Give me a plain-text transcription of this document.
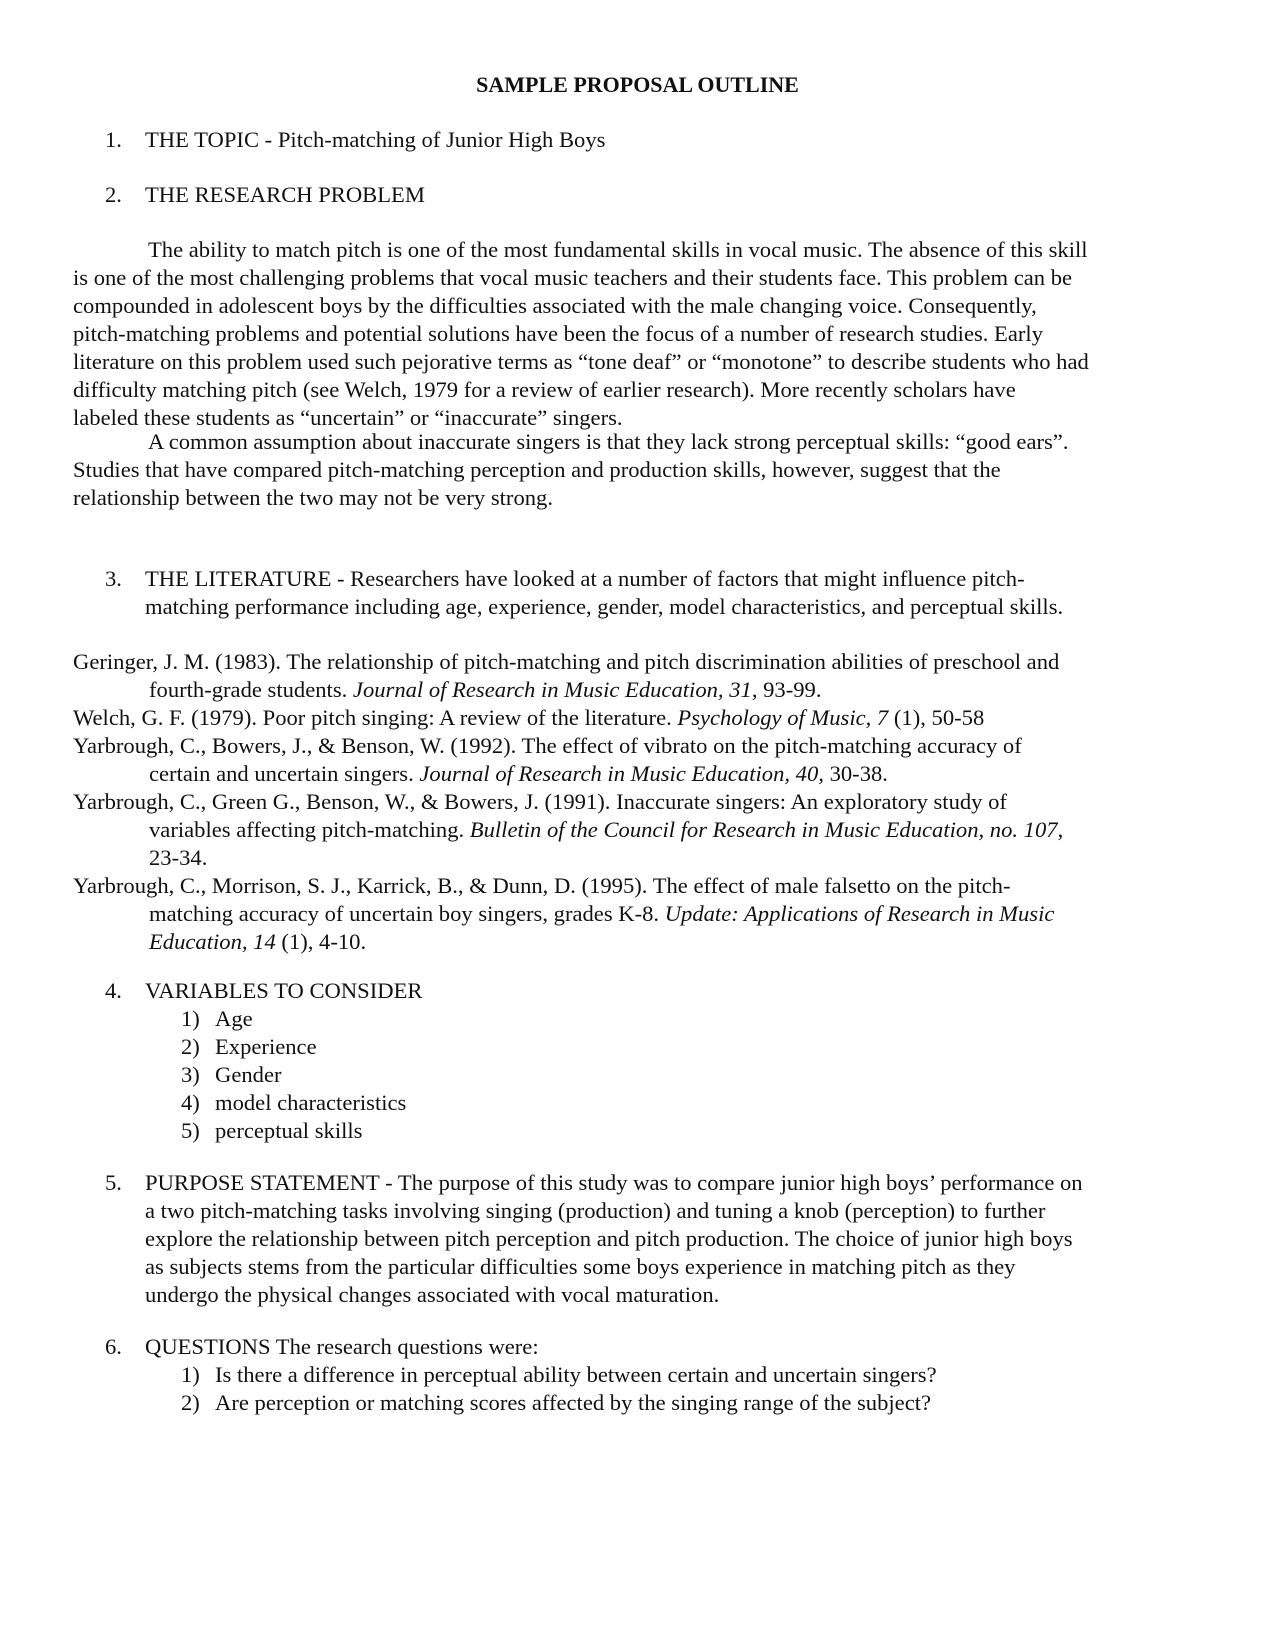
SAMPLE PROPOSAL OUTLINE
1. THE TOPIC - Pitch-matching of Junior High Boys
2. THE RESEARCH PROBLEM
The ability to match pitch is one of the most fundamental skills in vocal music. The absence of this skill
is one of the most challenging problems that vocal music teachers and their students face. This problem can be
compounded in adolescent boys by the difficulties associated with the male changing voice. Consequently,
pitch-matching problems and potential solutions have been the focus of a number of research studies. Early
literature on this problem used such pejorative terms as “tone deaf” or “monotone” to describe students who had
difficulty matching pitch (see Welch, 1979 for a review of earlier research). More recently scholars have
labeled these students as “uncertain” or “inaccurate” singers.
A common assumption about inaccurate singers is that they lack strong perceptual skills: “good ears”.
Studies that have compared pitch-matching perception and production skills, however, suggest that the
relationship between the two may not be very strong.
3. THE LITERATURE - Researchers have looked at a number of factors that might influence pitch-
matching performance including age, experience, gender, model characteristics, and perceptual skills.
Geringer, J. M. (1983). The relationship of pitch-matching and pitch discrimination abilities of preschool and
fourth-grade students. Journal of Research in Music Education, 31, 93-99.
Welch, G. F. (1979). Poor pitch singing: A review of the literature. Psychology of Music, 7 (1), 50-58
Yarbrough, C., Bowers, J., & Benson, W. (1992). The effect of vibrato on the pitch-matching accuracy of
certain and uncertain singers. Journal of Research in Music Education, 40, 30-38.
Yarbrough, C., Green G., Benson, W., & Bowers, J. (1991). Inaccurate singers: An exploratory study of
variables affecting pitch-matching. Bulletin of the Council for Research in Music Education, no. 107,
23-34.
Yarbrough, C., Morrison, S. J., Karrick, B., & Dunn, D. (1995). The effect of male falsetto on the pitch-
matching accuracy of uncertain boy singers, grades K-8. Update: Applications of Research in Music
Education, 14 (1), 4-10.
4. VARIABLES TO CONSIDER
1) Age
2) Experience
3) Gender
4) model characteristics
5) perceptual skills
5. PURPOSE STATEMENT - The purpose of this study was to compare junior high boys’ performance on
a two pitch-matching tasks involving singing (production) and tuning a knob (perception) to further
explore the relationship between pitch perception and pitch production. The choice of junior high boys
as subjects stems from the particular difficulties some boys experience in matching pitch as they
undergo the physical changes associated with vocal maturation.
6. QUESTIONS The research questions were:
1) Is there a difference in perceptual ability between certain and uncertain singers?
2) Are perception or matching scores affected by the singing range of the subject?
